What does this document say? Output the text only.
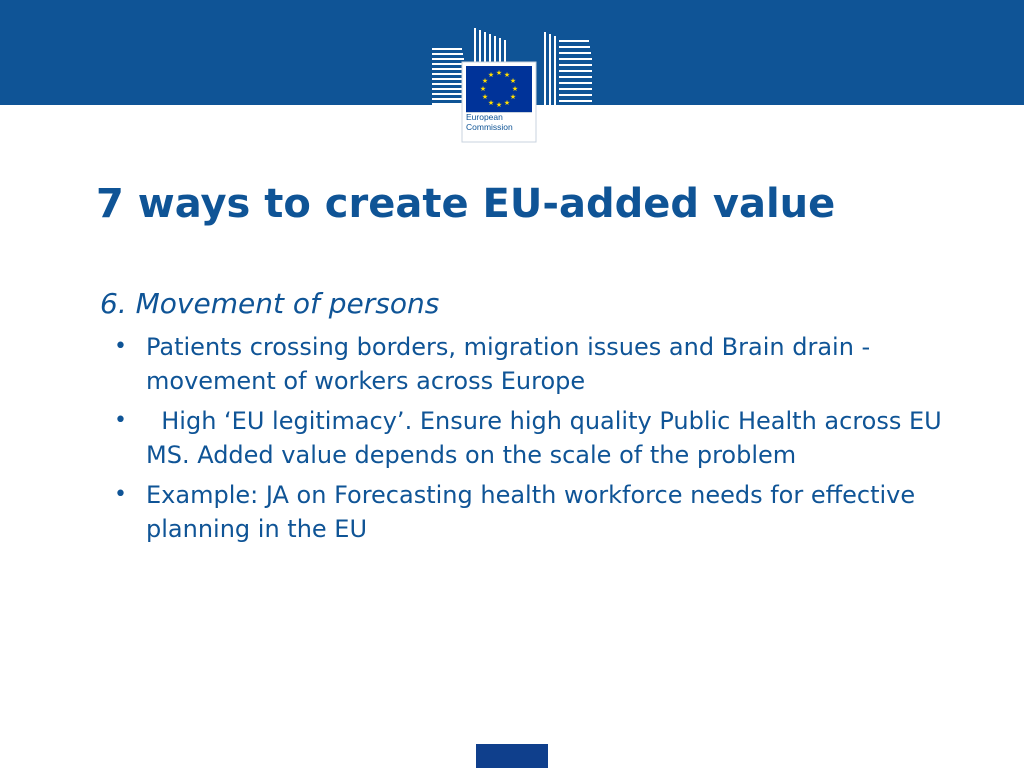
★ ★
★
★
★
★
★
★
★
★
★
★
European
Commission
7 ways to create EU-added value
6. Movement of persons
• Patients crossing borders, migration issues and Brain drain - movement of workers across Europe
• High ‘EU legitimacy’. Ensure high quality Public Health across EU MS. Added value depends on the scale of the problem
• Example: JA on Forecasting health workforce needs for effective planning in the EU
